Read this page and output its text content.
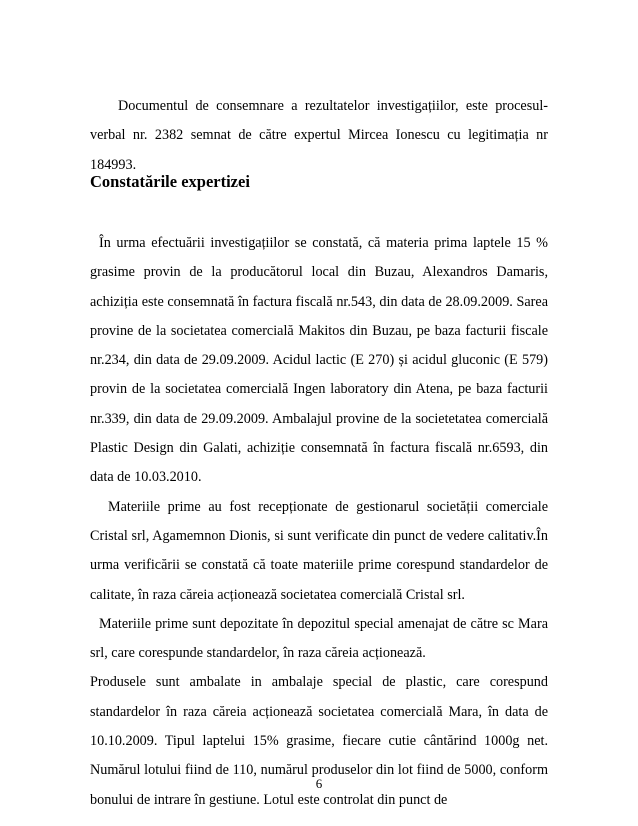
Documentul de consemnare a rezultatelor investigațiilor, este procesul-verbal nr. 2382 semnat de către expertul Mircea Ionescu cu legitimația nr 184993.

Constatările expertizei

În urma efectuării investigațiilor se constată, că materia prima laptele 15 % grasime provin de la producătorul local din Buzau, Alexandros Damaris, achiziția este consemnată în factura fiscală nr.543, din data de 28.09.2009. Sarea provine de la societatea comercială Makitos din Buzau, pe baza facturii fiscale nr.234, din data de 29.09.2009. Acidul lactic (E 270) și acidul gluconic (E 579) provin de la societatea comercială Ingen laboratory din Atena, pe baza facturii nr.339, din data de 29.09.2009. Ambalajul provine de la societetatea comercială Plastic Design din Galati, achiziție consemnată în factura fiscală nr.6593, din data de 10.03.2010.

Materiile prime au fost recepționate de gestionarul societății comerciale Cristal srl, Agamemnon Dionis, si sunt verificate din punct de vedere calitativ.În urma verificării se constată că toate materiile prime corespund standardelor de calitate, în raza căreia acționează societatea comercială Cristal srl.

Materiile prime sunt depozitate în depozitul special amenajat de către sc Mara srl, care corespunde standardelor, în raza căreia acționează.

Produsele sunt ambalate in ambalaje special de plastic, care corespund standardelor în raza căreia acționează societatea comercială Mara, în data de 10.10.2009. Tipul laptelui 15% grasime, fiecare cutie cântărind 1000g net. Numărul lotului fiind de 110, numărul produselor din lot fiind de 5000, conform bonului de intrare în gestiune. Lotul este controlat din punct de

6
